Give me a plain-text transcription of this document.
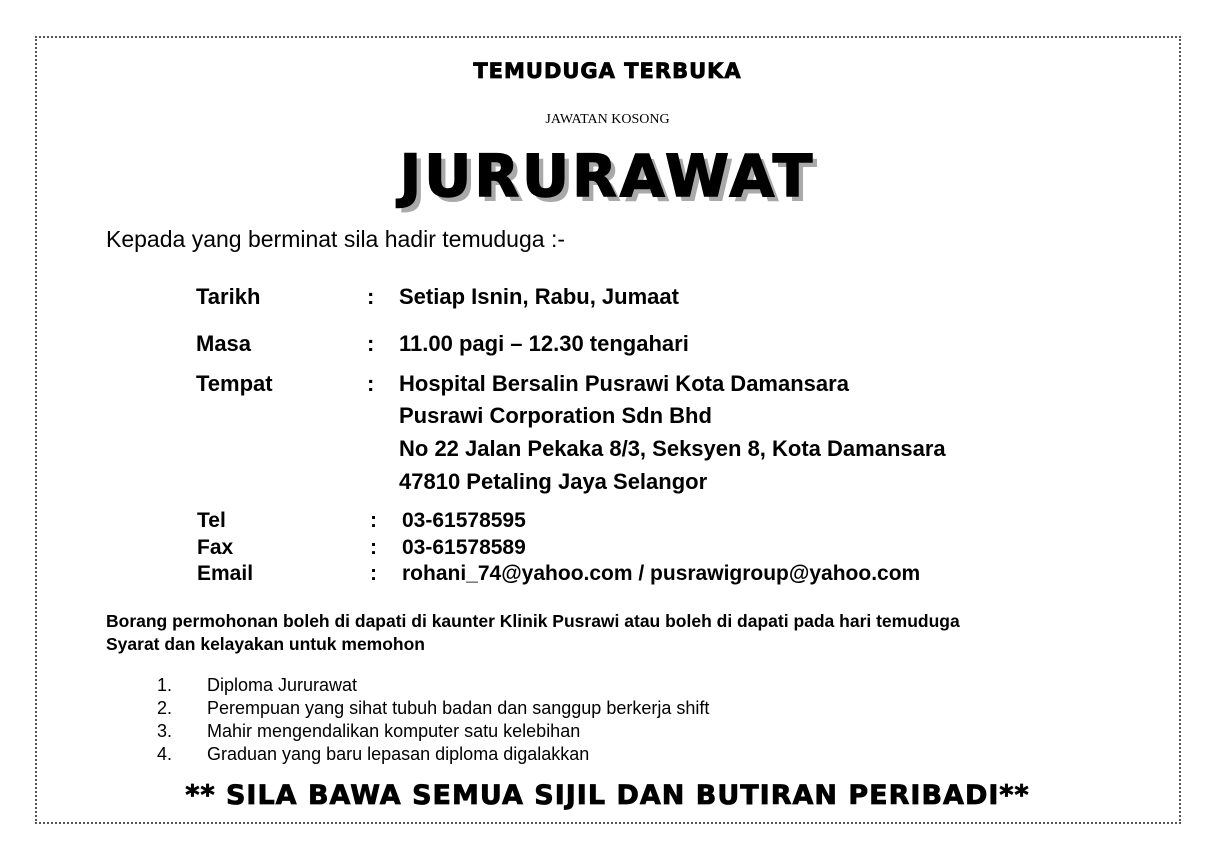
TEMUDUGA TERBUKA
JAWATAN KOSONG
JURURAWAT
Kepada yang berminat sila hadir temuduga :-
Tarikh	: Setiap Isnin, Rabu, Jumaat
Masa	: 11.00 pagi – 12.30 tengahari
Tempat	: Hospital Bersalin Pusrawi Kota Damansara
Pusrawi Corporation Sdn Bhd
No 22 Jalan Pekaka 8/3, Seksyen 8, Kota Damansara
47810 Petaling Jaya Selangor
Tel	: 03-61578595
Fax	: 03-61578589
Email	: rohani_74@yahoo.com / pusrawigroup@yahoo.com
Borang permohonan boleh di dapati di kaunter Klinik Pusrawi atau boleh di dapati pada hari temuduga
Syarat dan kelayakan untuk memohon
1. Diploma Jururawat
2. Perempuan yang sihat tubuh badan dan sanggup berkerja shift
3. Mahir mengendalikan komputer satu kelebihan
4. Graduan yang baru lepasan diploma digalakkan
** SILA BAWA SEMUA SIJIL DAN BUTIRAN PERIBADI**
